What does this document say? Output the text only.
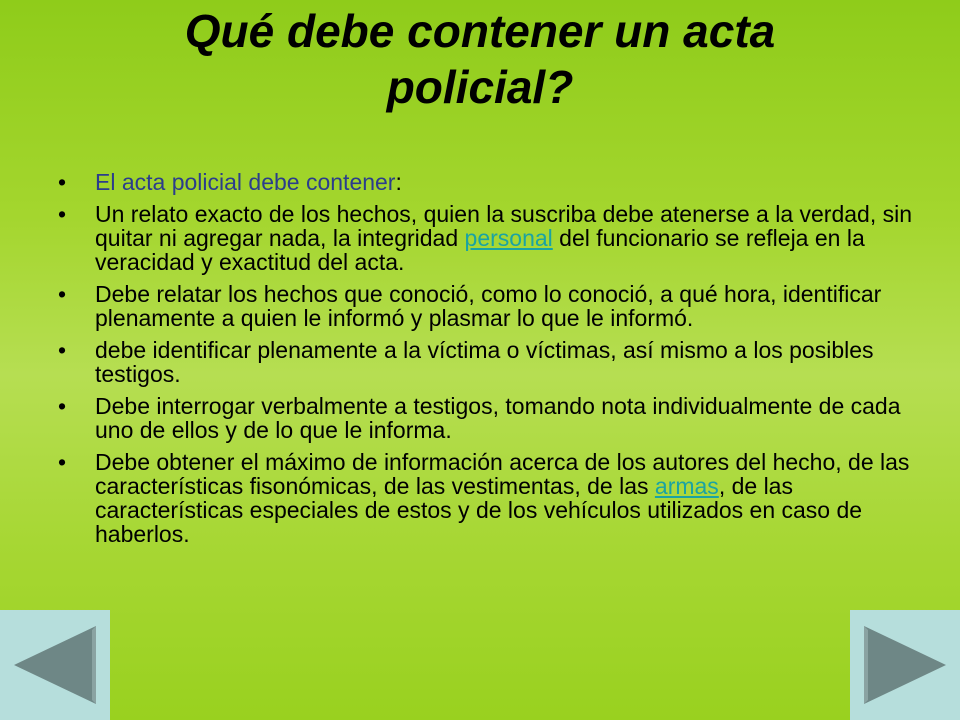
Qué debe contener un acta
policial?
• El acta policial debe contener:
• Un relato exacto de los hechos, quien la suscriba debe atenerse a la verdad, sin quitar ni agregar nada, la integridad personal del funcionario se refleja en la veracidad y exactitud del acta.
• Debe relatar los hechos que conoció, como lo conoció, a qué hora, identificar plenamente a quien le informó y plasmar lo que le informó.
• debe identificar plenamente a la víctima o víctimas, así mismo a los posibles testigos.
• Debe interrogar verbalmente a testigos, tomando nota individualmente de cada uno de ellos y de lo que le informa.
• Debe obtener el máximo de información acerca de los autores del hecho, de las características fisonómicas, de las vestimentas, de las armas, de las características especiales de estos y de los vehículos utilizados en caso de haberlos.
